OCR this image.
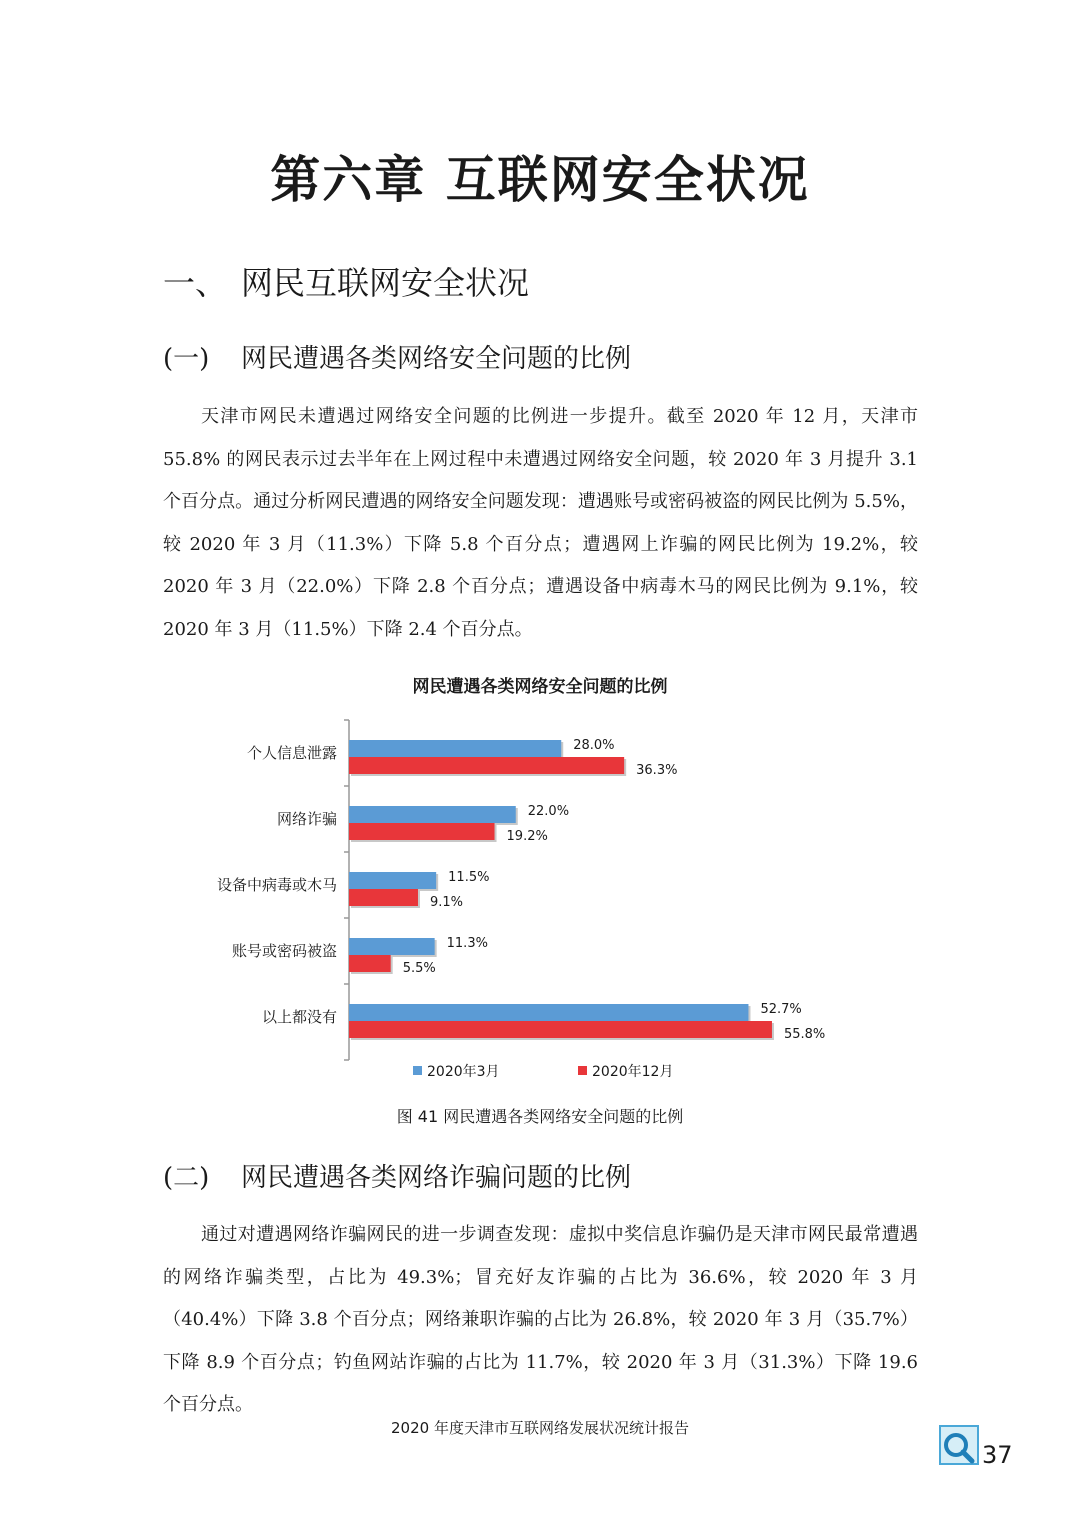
第六章 互联网安全状况
一、 网民互联网安全状况
(一) 网民遭遇各类网络安全问题的比例
天津市网民未遭遇过网络安全问题的比例进一步提升。截至 2020 年 12 月，天津市 55.8% 的网民表示过去半年在上网过程中未遭遇过网络安全问题，较 2020 年 3 月提升 3.1 个百分点。通过分析网民遭遇的网络安全问题发现：遭遇账号或密码被盗的网民比例为 5.5%，较 2020 年 3 月（11.3%）下降 5.8 个百分点；遭遇网上诈骗的网民比例为 19.2%，较 2020 年 3 月（22.0%）下降 2.8 个百分点；遭遇设备中病毒木马的网民比例为 9.1%，较 2020 年 3 月（11.5%）下降 2.4 个百分点。
网民遭遇各类网络安全问题的比例
个人信息泄露	28.0%
36.3%
网络诈骗	22.0%
19.2%
设备中病毒或木马	11.5%
9.1%
账号或密码被盗	11.3%
5.5%
以上都没有	52.7%
55.8%
2020年3月	2020年12月
图 41 网民遭遇各类网络安全问题的比例
(二) 网民遭遇各类网络诈骗问题的比例
通过对遭遇网络诈骗网民的进一步调查发现：虚拟中奖信息诈骗仍是天津市网民最常遭遇的网络诈骗类型，占比为 49.3%；冒充好友诈骗的占比为 36.6%，较 2020 年 3 月（40.4%）下降 3.8 个百分点；网络兼职诈骗的占比为 26.8%，较 2020 年 3 月（35.7%）下降 8.9 个百分点；钓鱼网站诈骗的占比为 11.7%，较 2020 年 3 月（31.3%）下降 19.6 个百分点。
2020 年度天津市互联网络发展状况统计报告
37
